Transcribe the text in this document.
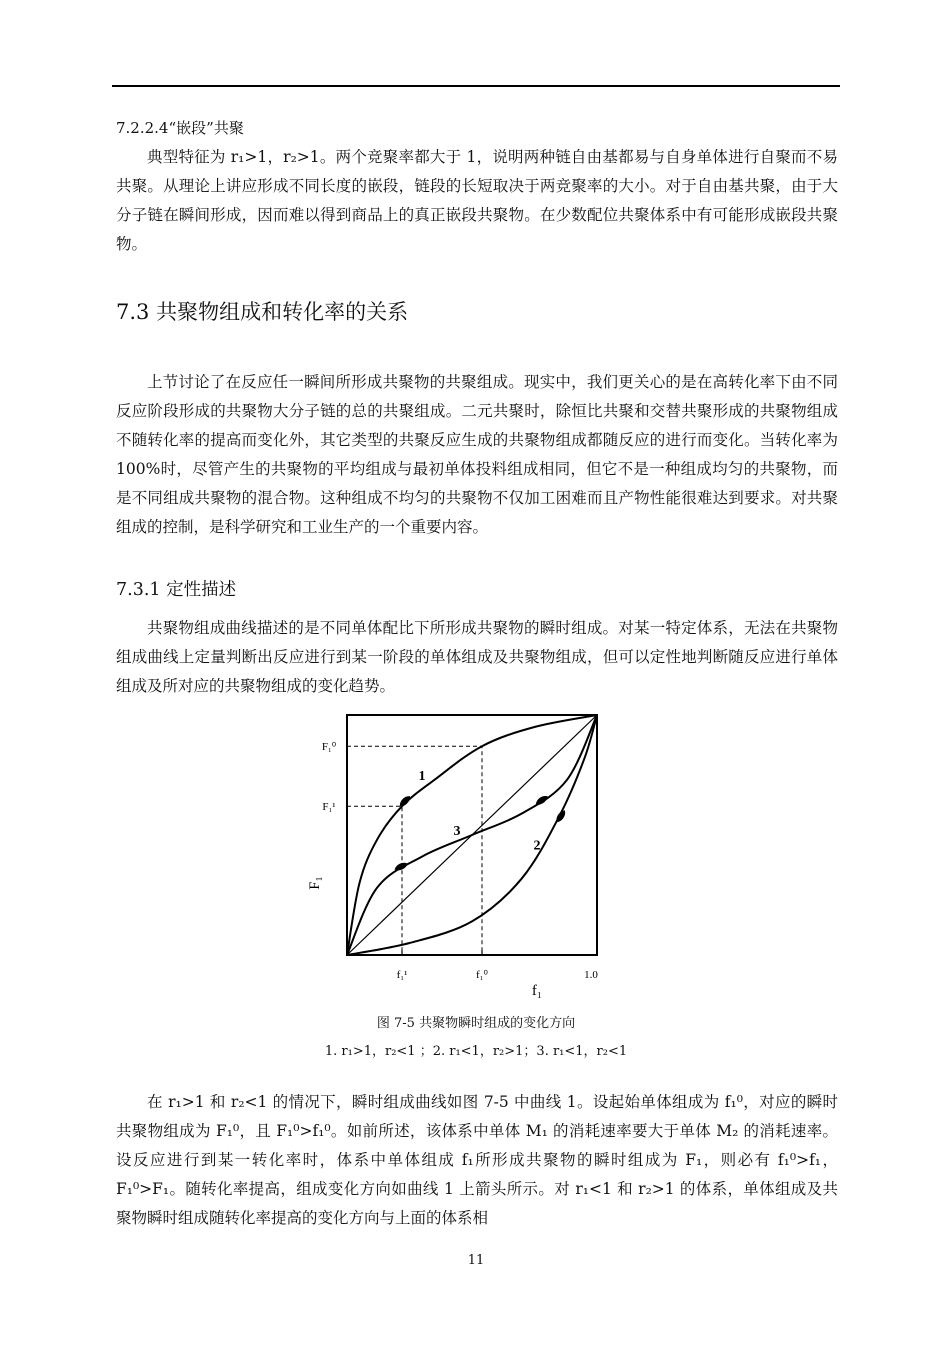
7.2.2.4“嵌段”共聚

典型特征为 r₁>1，r₂>1。两个竞聚率都大于 1，说明两种链自由基都易与自身单体进行自聚而不易共聚。从理论上讲应形成不同长度的嵌段，链段的长短取决于两竞聚率的大小。对于自由基共聚，由于大分子链在瞬间形成，因而难以得到商品上的真正嵌段共聚物。在少数配位共聚体系中有可能形成嵌段共聚物。

7.3 共聚物组成和转化率的关系

上节讨论了在反应任一瞬间所形成共聚物的共聚组成。现实中，我们更关心的是在高转化率下由不同反应阶段形成的共聚物大分子链的总的共聚组成。二元共聚时，除恒比共聚和交替共聚形成的共聚物组成不随转化率的提高而变化外，其它类型的共聚反应生成的共聚物组成都随反应的进行而变化。当转化率为 100%时，尽管产生的共聚物的平均组成与最初单体投料组成相同，但它不是一种组成均匀的共聚物，而是不同组成共聚物的混合物。这种组成不均匀的共聚物不仅加工困难而且产物性能很难达到要求。对共聚组成的控制，是科学研究和工业生产的一个重要内容。

7.3.1 定性描述

共聚物组成曲线描述的是不同单体配比下所形成共聚物的瞬时组成。对某一特定体系，无法在共聚物组成曲线上定量判断出反应进行到某一阶段的单体组成及共聚物组成，但可以定性地判断随反应进行单体组成及所对应的共聚物组成的变化趋势。

1
2
3
f₁¹	f₁⁰	1.0
F₁⁰
F₁¹
f₁
F₁
图 7-5 共聚物瞬时组成的变化方向
1. r₁>1，r₂<1 ；2. r₁<1，r₂>1；3. r₁<1，r₂<1

在 r₁>1 和 r₂<1 的情况下，瞬时组成曲线如图 7-5 中曲线 1。设起始单体组成为 f₁⁰，对应的瞬时共聚物组成为 F₁⁰，且 F₁⁰>f₁⁰。如前所述，该体系中单体 M₁ 的消耗速率要大于单体 M₂ 的消耗速率。设反应进行到某一转化率时，体系中单体组成 f₁所形成共聚物的瞬时组成为 F₁，则必有 f₁⁰>f₁，F₁⁰>F₁。随转化率提高，组成变化方向如曲线 1 上箭头所示。对 r₁<1 和 r₂>1 的体系，单体组成及共聚物瞬时组成随转化率提高的变化方向与上面的体系相

11
